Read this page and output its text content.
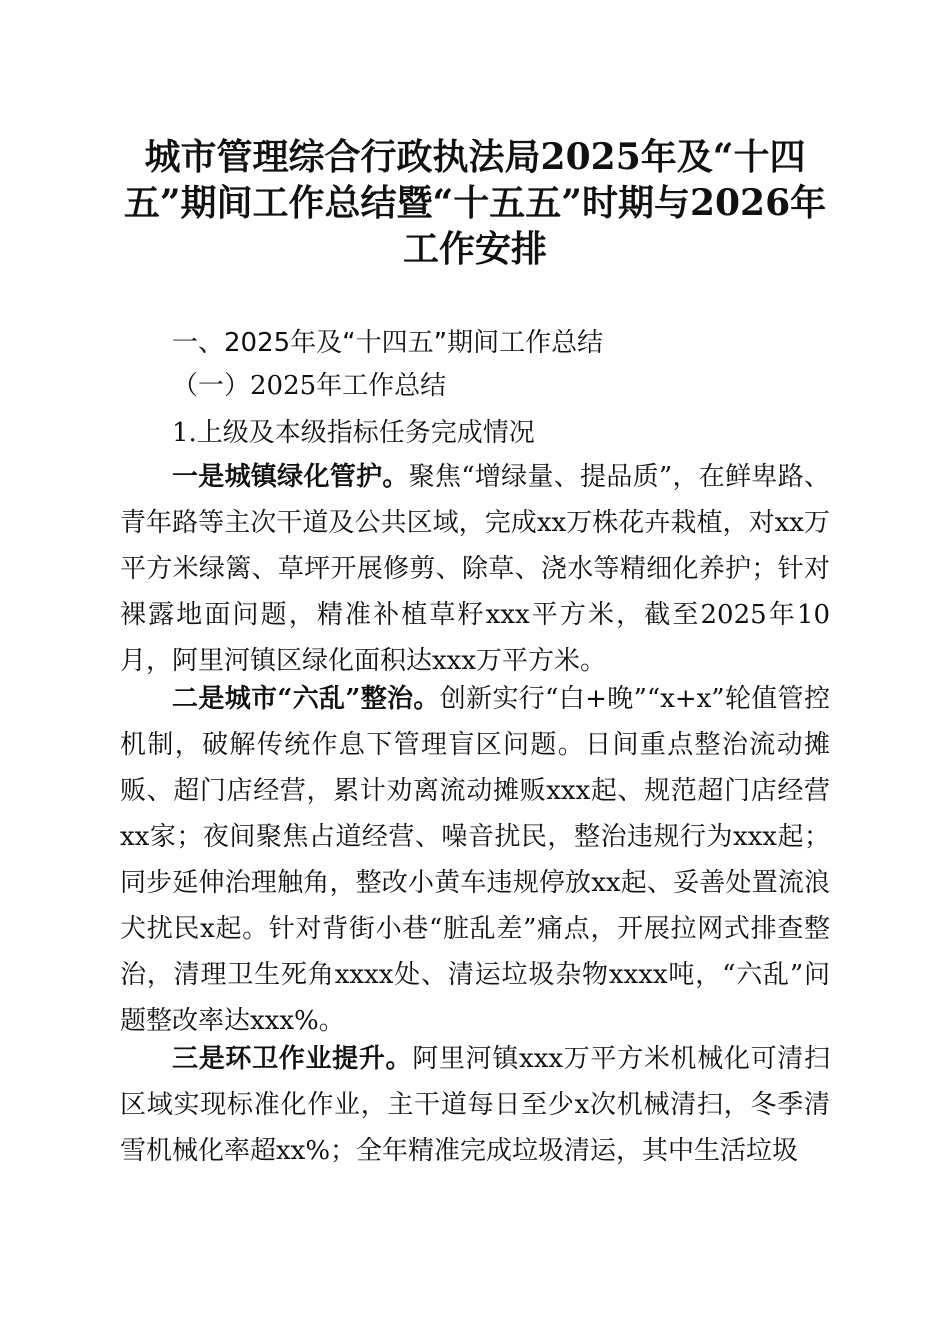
城市管理综合行政执法局2025年及“十四五”期间工作总结暨“十五五”时期与2026年工作安排

一、2025年及“十四五”期间工作总结

（一）2025年工作总结

1.上级及本级指标任务完成情况

一是城镇绿化管护。聚焦“增绿量、提品质”，在鲜卑路、青年路等主次干道及公共区域，完成xx万株花卉栽植，对xx万平方米绿篱、草坪开展修剪、除草、浇水等精细化养护；针对裸露地面问题，精准补植草籽xxx平方米，截至2025年10月，阿里河镇区绿化面积达xxx万平方米。

二是城市“六乱”整治。创新实行“白+晚”“x+x”轮值管控机制，破解传统作息下管理盲区问题。日间重点整治流动摊贩、超门店经营，累计劝离流动摊贩xxx起、规范超门店经营xx家；夜间聚焦占道经营、噪音扰民，整治违规行为xxx起；同步延伸治理触角，整改小黄车违规停放xx起、妥善处置流浪犬扰民x起。针对背街小巷“脏乱差”痛点，开展拉网式排查整治，清理卫生死角xxxx处、清运垃圾杂物xxxx吨，“六乱”问题整改率达xxx%。

三是环卫作业提升。阿里河镇xxx万平方米机械化可清扫区域实现标准化作业，主干道每日至少x次机械清扫，冬季清雪机械化率超xx%；全年精准完成垃圾清运，其中生活垃圾
